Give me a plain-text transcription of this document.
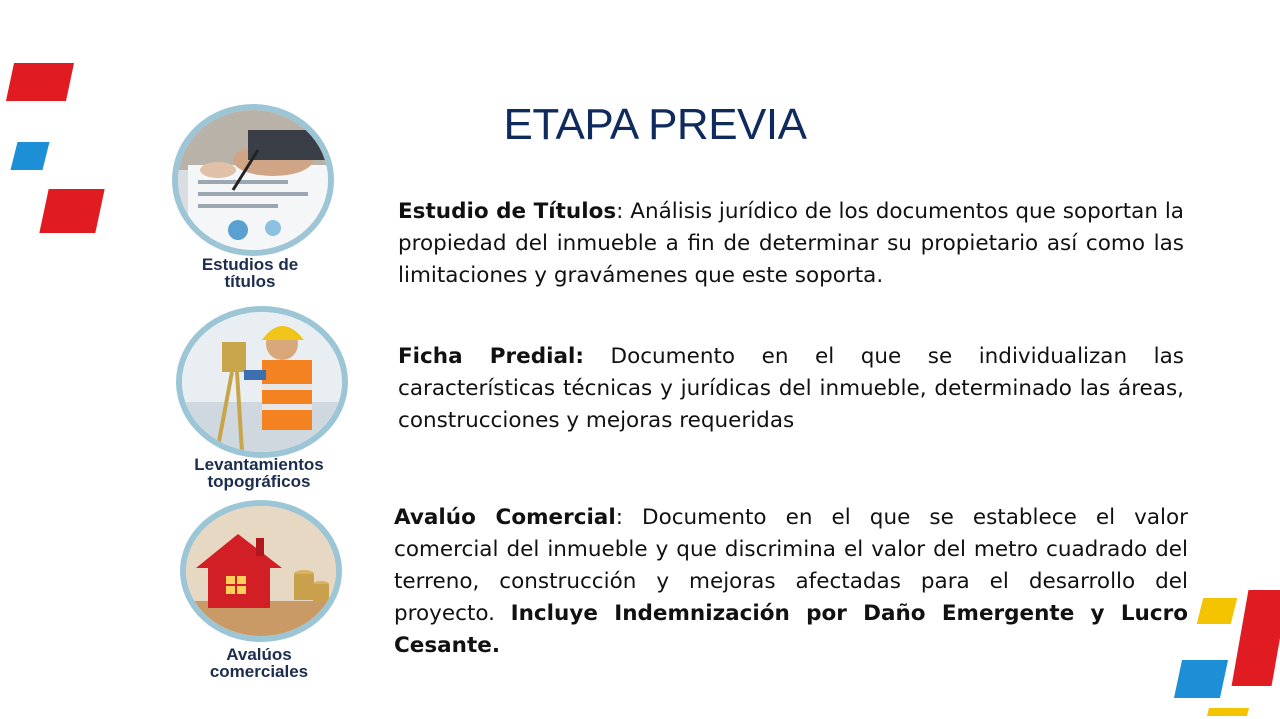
ETAPA PREVIA
Estudios de títulos
Levantamientos topográficos
Avalúos comerciales
Estudio de Títulos: Análisis jurídico de los documentos que soportan la propiedad del inmueble a fin de determinar su propietario así como las limitaciones y gravámenes que este soporta.
Ficha Predial: Documento en el que se individualizan las características técnicas y jurídicas del inmueble, determinado las áreas, construcciones y mejoras requeridas
Avalúo Comercial: Documento en el que se establece el valor comercial del inmueble y que discrimina el valor del metro cuadrado del terreno, construcción y mejoras afectadas para el desarrollo del proyecto. Incluye Indemnización por Daño Emergente y Lucro Cesante.
